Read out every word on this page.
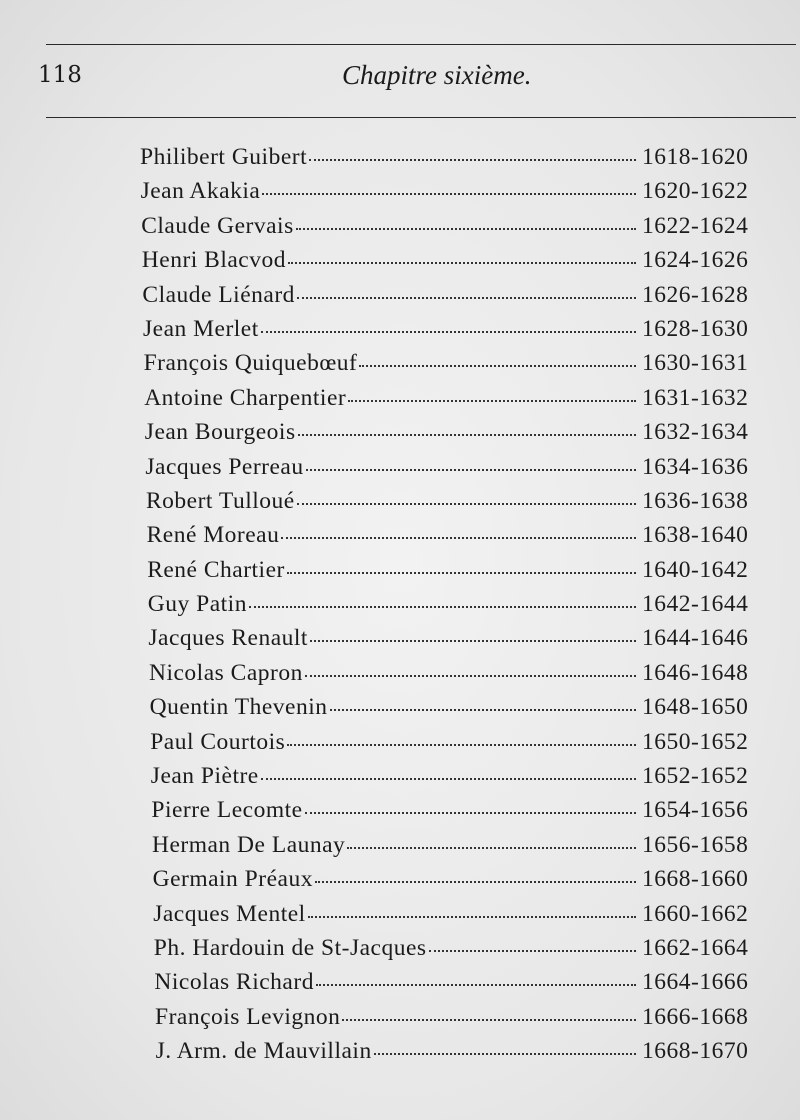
118	Chapitre sixième.
Philibert Guibert	1618-1620
Jean Akakia	1620-1622
Claude Gervais	1622-1624
Henri Blacvod	1624-1626
Claude Liénard	1626-1628
Jean Merlet	1628-1630
François Quiquebœuf	1630-1631
Antoine Charpentier	1631-1632
Jean Bourgeois	1632-1634
Jacques Perreau	1634-1636
Robert Tulloué	1636-1638
René Moreau	1638-1640
René Chartier	1640-1642
Guy Patin	1642-1644
Jacques Renault	1644-1646
Nicolas Capron	1646-1648
Quentin Thevenin	1648-1650
Paul Courtois	1650-1652
Jean Piètre	1652-1652
Pierre Lecomte	1654-1656
Herman De Launay	1656-1658
Germain Préaux	1668-1660
Jacques Mentel	1660-1662
Ph. Hardouin de St-Jacques	1662-1664
Nicolas Richard	1664-1666
François Levignon	1666-1668
J. Arm. de Mauvillain	1668-1670
